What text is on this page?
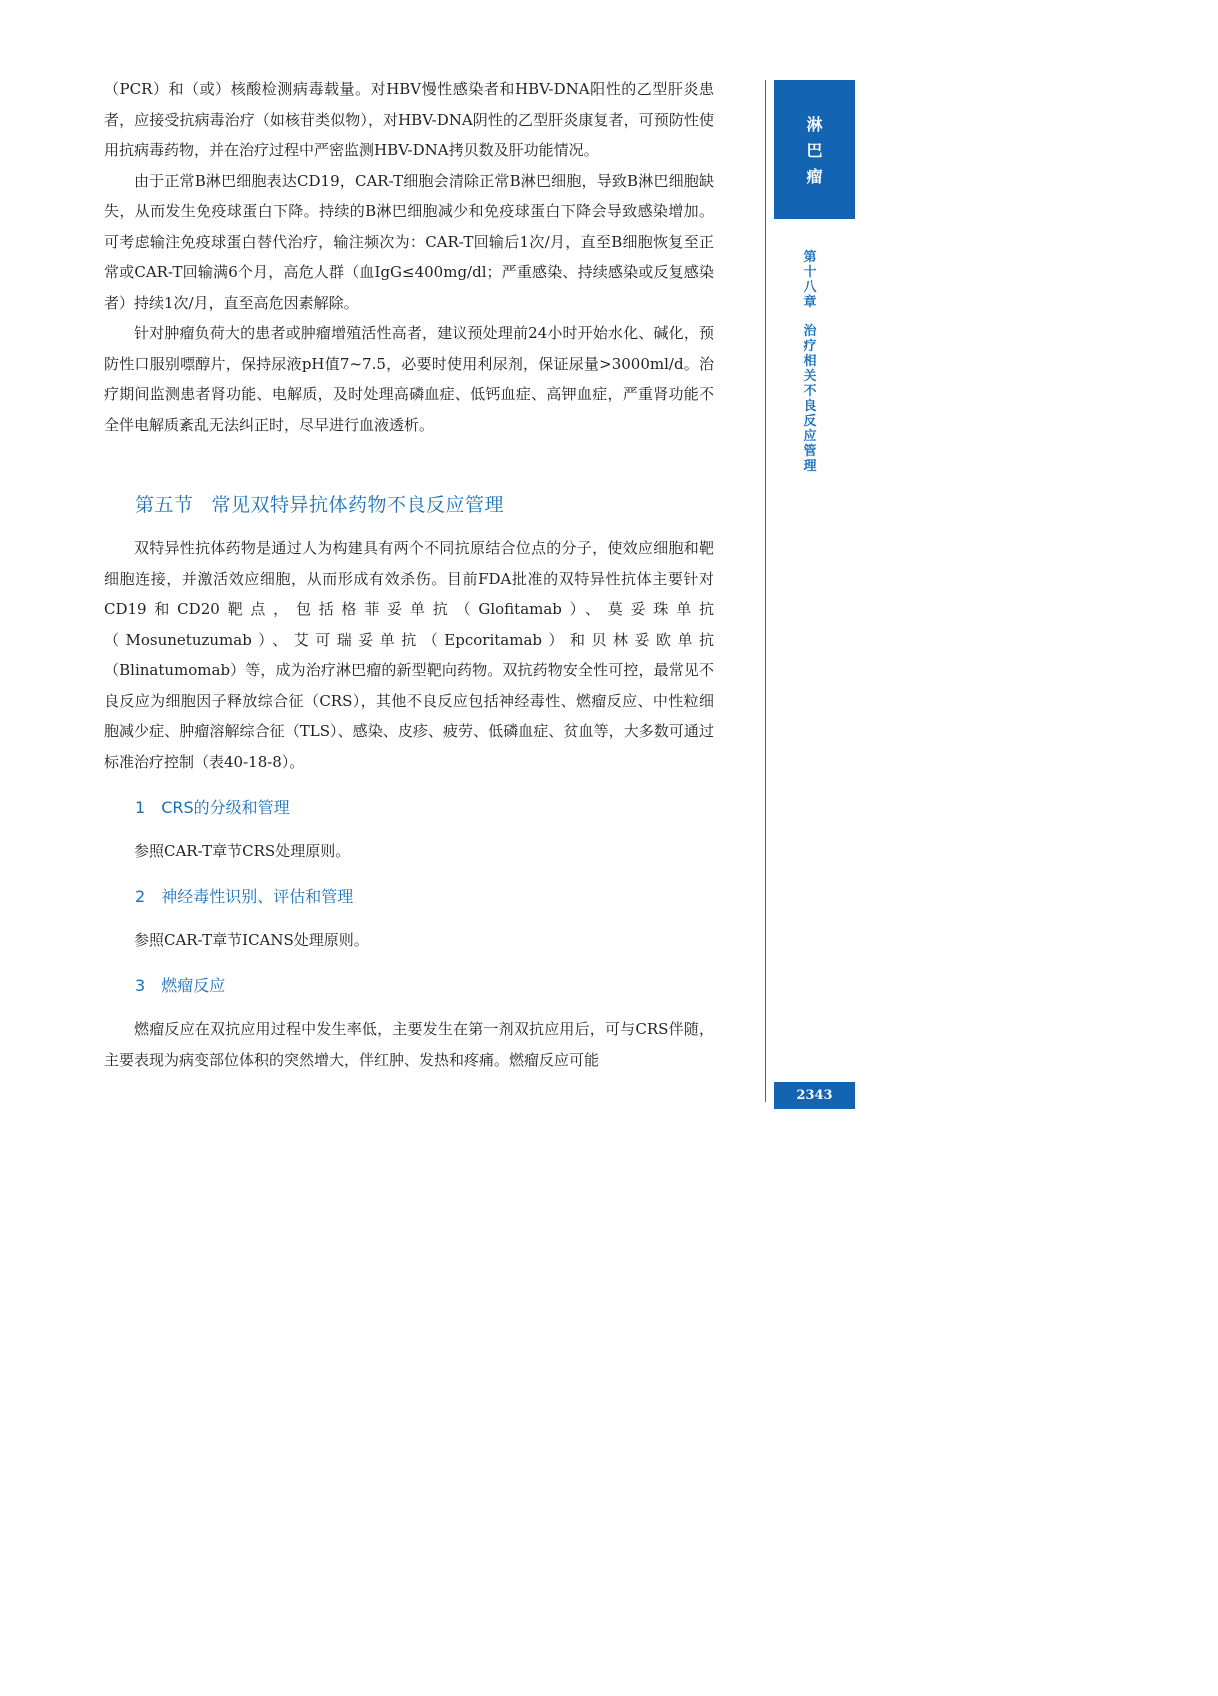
（PCR）和（或）核酸检测病毒载量。对HBV慢性感染者和HBV-DNA阳性的乙型肝炎患者，应接受抗病毒治疗（如核苷类似物），对HBV-DNA阴性的乙型肝炎康复者，可预防性使用抗病毒药物，并在治疗过程中严密监测HBV-DNA拷贝数及肝功能情况。

由于正常B淋巴细胞表达CD19，CAR-T细胞会清除正常B淋巴细胞，导致B淋巴细胞缺失，从而发生免疫球蛋白下降。持续的B淋巴细胞减少和免疫球蛋白下降会导致感染增加。可考虑输注免疫球蛋白替代治疗，输注频次为：CAR-T回输后1次/月，直至B细胞恢复至正常或CAR-T回输满6个月，高危人群（血IgG≤400mg/dl；严重感染、持续感染或反复感染者）持续1次/月，直至高危因素解除。

针对肿瘤负荷大的患者或肿瘤增殖活性高者，建议预处理前24小时开始水化、碱化，预防性口服别嘌醇片，保持尿液pH值7~7.5，必要时使用利尿剂，保证尿量>3000ml/d。治疗期间监测患者肾功能、电解质，及时处理高磷血症、低钙血症、高钾血症，严重肾功能不全伴电解质紊乱无法纠正时，尽早进行血液透析。

第五节 常见双特异抗体药物不良反应管理

双特异性抗体药物是通过人为构建具有两个不同抗原结合位点的分子，使效应细胞和靶细胞连接，并激活效应细胞，从而形成有效杀伤。目前FDA批准的双特异性抗体主要针对CD19和CD20靶点，包括格菲妥单抗（Glofitamab）、莫妥珠单抗（Mosunetuzumab）、艾可瑞妥单抗（Epcoritamab）和贝林妥欧单抗（Blinatumomab）等，成为治疗淋巴瘤的新型靶向药物。双抗药物安全性可控，最常见不良反应为细胞因子释放综合征（CRS），其他不良反应包括神经毒性、燃瘤反应、中性粒细胞减少症、肿瘤溶解综合征（TLS）、感染、皮疹、疲劳、低磷血症、贫血等，大多数可通过标准治疗控制（表40-18-8）。

1 CRS的分级和管理

参照CAR-T章节CRS处理原则。

2 神经毒性识别、评估和管理

参照CAR-T章节ICANS处理原则。

3 燃瘤反应

燃瘤反应在双抗应用过程中发生率低，主要发生在第一剂双抗应用后，可与CRS伴随，主要表现为病变部位体积的突然增大，伴红肿、发热和疼痛。燃瘤反应可能

淋
巴
瘤
第
十
八
章
治
疗
相
关
不
良
反
应
管
理
2343
